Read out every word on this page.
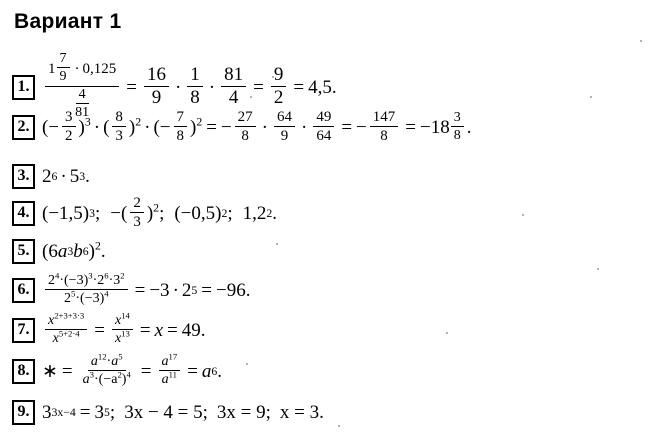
Вариант 1
1.
$1 \frac{7}{9} \cdot 0,125$
$\frac{4}{81} = \frac{16}{9} \cdot \frac{1}{8} \cdot \frac{81}{4} = \frac{9}{2} = 4,5$.
2. (− $\frac{3}{2} )^3$ · ( $\frac{8}{3} )^2$ · (− $\frac{7}{8} )^2$ = − $\frac{27}{8} \cdot \frac{64}{9} \cdot \frac{49}{64}$ = − $\frac{147}{8}$ = − $18 \frac{3}{8}$ .
3. 2 6 · 5 3 .
4. (−1,5) 3 ; −( $\frac{2}{3} )^2$; (−0,5) 2 ; 1,2 2 .
5. ( 6 a 3 b 6 )$^2$.
6.	$\frac{2^4\cdot(-3)^3\cdot 2^6\cdot 3^2}{2^5\cdot(-3)^4} = -3 \cdot 2$ 5 = −96.
7.	$\frac{x^{2+3+3\cdot 3}}{x^{5+2\cdot 4}} = \frac{x^{14}}{x^{13}} = x = 49$.
8. ∗ = $\frac{a^{12}\cdot a^5}{a^3\cdot(-a^2)^4} = \frac{a^{17}}{a^{11}} = a$ 6 .
9. 3 3x−4 = 3 5 ; 3x − 4 = 5; 3x = 9; x = 3.
